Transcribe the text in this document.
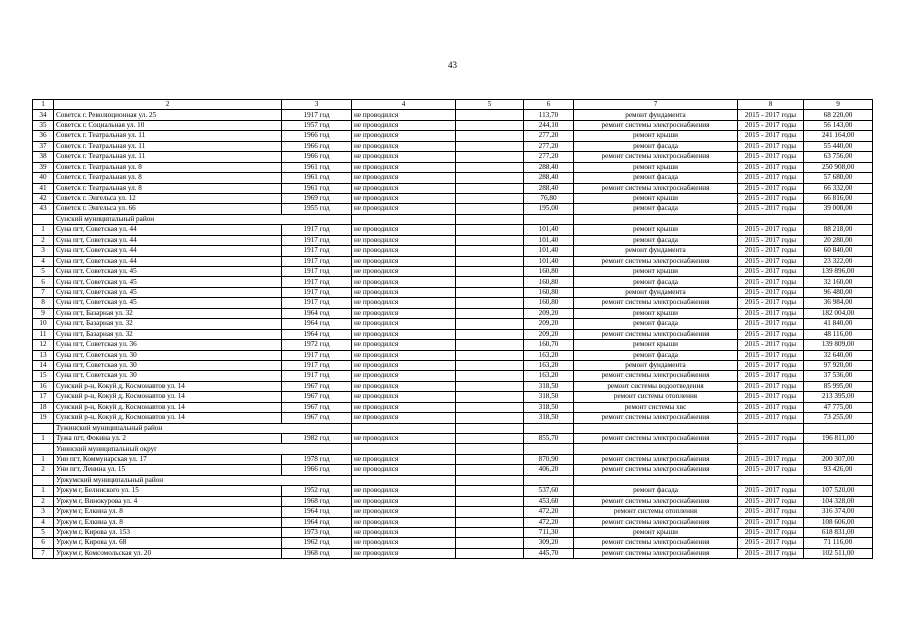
43
1	2	3	4	5	6	7	8	9
34	Советск г. Революционная ул. 25	1917 год	не проводился		113,70	ремонт фундамента	2015 - 2017 годы	68 220,00
35	Советск г. Социальная ул. 10	1957 год	не проводился		244,10	ремонт системы электроснабжения	2015 - 2017 годы	56 143,00
36	Советск г. Театральная ул. 11	1966 год	не проводился		277,20	ремонт крыши	2015 - 2017 годы	241 164,00
37	Советск г. Театральная ул. 11	1966 год	не проводился		277,20	ремонт фасада	2015 - 2017 годы	55 440,00
38	Советск г. Театральная ул. 11	1966 год	не проводился		277,20	ремонт системы электроснабжения	2015 - 2017 годы	63 756,00
39	Советск г. Театральная ул. 8	1961 год	не проводился		288,40	ремонт крыши	2015 - 2017 годы	250 908,00
40	Советск г. Театральная ул. 8	1961 год	не проводился		288,40	ремонт фасада	2015 - 2017 годы	57 680,00
41	Советск г. Театральная ул. 8	1961 год	не проводился		288,40	ремонт системы электроснабжения	2015 - 2017 годы	66 332,00
42	Советск г. Энгельса ул. 12	1969 год	не проводился		76,80	ремонт крыши	2015 - 2017 годы	66 816,00
43	Советск г. Энгельса ул. 66	1955 год	не проводился		195,00	ремонт фасада	2015 - 2017 годы	39 000,00
	Сунский муниципальный район							
1	Суна пгт, Советская ул. 44	1917 год	не проводился		101,40	ремонт крыши	2015 - 2017 годы	88 218,00
2	Суна пгт, Советская ул. 44	1917 год	не проводился		101,40	ремонт фасада	2015 - 2017 годы	20 280,00
3	Суна пгт, Советская ул. 44	1917 год	не проводился		101,40	ремонт фундамента	2015 - 2017 годы	60 840,00
4	Суна пгт, Советская ул. 44	1917 год	не проводился		101,40	ремонт системы электроснабжения	2015 - 2017 годы	23 322,00
5	Суна пгт, Советская ул. 45	1917 год	не проводился		160,80	ремонт крыши	2015 - 2017 годы	139 896,00
6	Суна пгт, Советская ул. 45	1917 год	не проводился		160,80	ремонт фасада	2015 - 2017 годы	32 160,00
7	Суна пгт, Советская ул. 45	1917 год	не проводился		160,80	ремонт фундамента	2015 - 2017 годы	96 480,00
8	Суна пгт, Советская ул. 45	1917 год	не проводился		160,80	ремонт системы электроснабжения	2015 - 2017 годы	36 984,00
9	Суна пгт, Базарная ул. 32	1964 год	не проводился		209,20	ремонт крыши	2015 - 2017 годы	182 004,00
10	Суна пгт, Базарная ул. 32	1964 год	не проводился		209,20	ремонт фасада	2015 - 2017 годы	41 840,00
11	Суна пгт, Базарная ул. 32	1964 год	не проводился		209,20	ремонт системы электроснабжения	2015 - 2017 годы	48 116,00
12	Суна пгт, Советская ул. 36	1972 год	не проводился		160,70	ремонт крыши	2015 - 2017 годы	139 809,00
13	Суна пгт, Советская ул. 30	1917 год	не проводился		163,20	ремонт фасада	2015 - 2017 годы	32 640,00
14	Суна пгт, Советская ул. 30	1917 год	не проводился		163,20	ремонт фундамента	2015 - 2017 годы	97 920,00
15	Суна пгт, Советская ул. 30	1917 год	не проводился		163,20	ремонт системы электроснабжения	2015 - 2017 годы	37 536,00
16	Сунский р-н, Кокуй д, Космонавтов ул. 14	1967 год	не проводился		318,50	ремонт системы водоотведения	2015 - 2017 годы	85 995,00
17	Сунский р-н, Кокуй д, Космонавтов ул. 14	1967 год	не проводился		318,50	ремонт системы отопления	2015 - 2017 годы	213 395,00
18	Сунский р-н, Кокуй д, Космонавтов ул. 14	1967 год	не проводился		318,50	ремонт системы хвс	2015 - 2017 годы	47 775,00
19	Сунский р-н, Кокуй д, Космонавтов ул. 14	1967 год	не проводился		318,50	ремонт системы электроснабжения	2015 - 2017 годы	73 255,00
	Тужинский муниципальный район							
1	Тужа пгт, Фокина ул. 2	1982 год	не проводился		855,70	ремонт системы электроснабжения	2015 - 2017 годы	196 811,00
	Унинский муниципальный округ							
1	Уни пгт, Коммунарская ул. 17	1978 год	не проводился		870,90	ремонт системы электроснабжения	2015 - 2017 годы	200 307,00
2	Уни пгт, Ленина ул. 15	1966 год	не проводился		406,20	ремонт системы электроснабжения	2015 - 2017 годы	93 426,00
	Уржумский муниципальный район							
1	Уржум г, Белинского ул. 15	1952 год	не проводился		537,60	ремонт фасада	2015 - 2017 годы	107 520,00
2	Уржум г, Винокурова ул. 4	1968 год	не проводился		453,60	ремонт системы электроснабжения	2015 - 2017 годы	104 328,00
3	Уржум г, Елкина ул. 8	1964 год	не проводился		472,20	ремонт системы отопления	2015 - 2017 годы	316 374,00
4	Уржум г, Елкина ул. 8	1964 год	не проводился		472,20	ремонт системы электроснабжения	2015 - 2017 годы	108 606,00
5	Уржум г, Кирова ул. 153	1973 год	не проводился		711,30	ремонт крыши	2015 - 2017 годы	618 831,00
6	Уржум г, Кирова ул. 68	1962 год	не проводился		309,20	ремонт системы электроснабжения	2015 - 2017 годы	71 116,00
7	Уржум г, Комсомольская ул. 20	1968 год	не проводился		445,70	ремонт системы электроснабжения	2015 - 2017 годы	102 511,00
